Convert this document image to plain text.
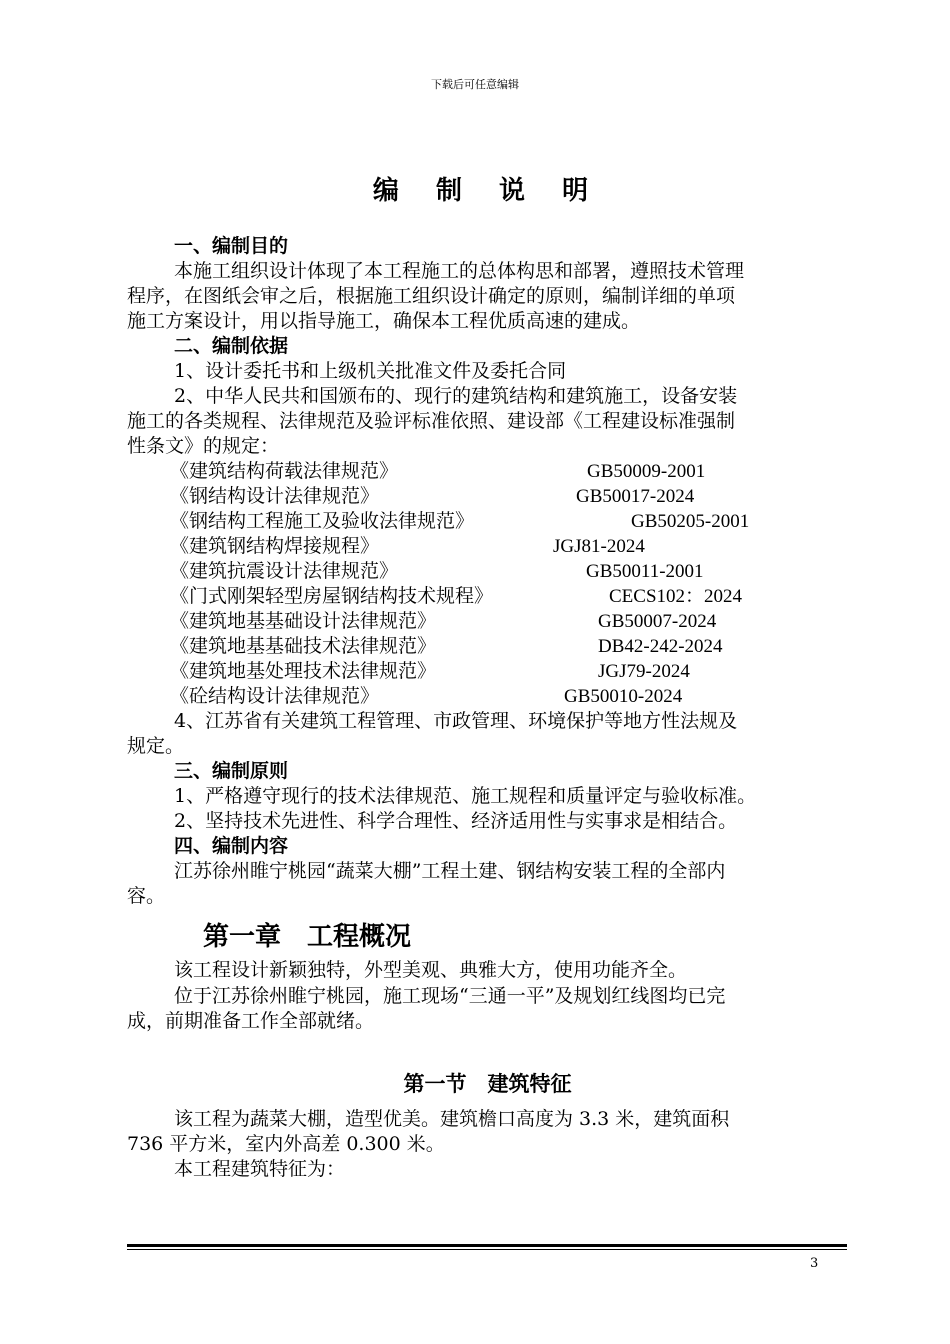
下载后可任意编辑
编 制 说 明
一、编制目的
本施工组织设计体现了本工程施工的总体构思和部署，遵照技术管理
程序，在图纸会审之后，根据施工组织设计确定的原则，编制详细的单项
施工方案设计，用以指导施工，确保本工程优质高速的建成。
二、编制依据
1、设计委托书和上级机关批准文件及委托合同
2、中华人民共和国颁布的、现行的建筑结构和建筑施工，设备安装
施工的各类规程、法律规范及验评标准依照、建设部《工程建设标准强制
性条文》的规定：
《建筑结构荷载法律规范》	GB50009-2001
《钢结构设计法律规范》	GB50017-2024
《钢结构工程施工及验收法律规范》	GB50205-2001
《建筑钢结构焊接规程》	JGJ81-2024
《建筑抗震设计法律规范》	GB50011-2001
《门式刚架轻型房屋钢结构技术规程》	CECS102：2024
《建筑地基基础设计法律规范》	GB50007-2024
《建筑地基基础技术法律规范》	DB42-242-2024
《建筑地基处理技术法律规范》	JGJ79-2024
《砼结构设计法律规范》	GB50010-2024
4、江苏省有关建筑工程管理、市政管理、环境保护等地方性法规及
规定。
三、编制原则
1、严格遵守现行的技术法律规范、施工规程和质量评定与验收标准。
2、坚持技术先进性、科学合理性、经济适用性与实事求是相结合。
四、编制内容
江苏徐州睢宁桃园“蔬菜大棚”工程土建、钢结构安装工程的全部内
容。
第一章　工程概况
该工程设计新颖独特，外型美观、典雅大方，使用功能齐全。
位于江苏徐州睢宁桃园，施工现场“三通一平”及规划红线图均已完
成，前期准备工作全部就绪。
第一节　建筑特征
该工程为蔬菜大棚，造型优美。建筑檐口高度为 3.3 米，建筑面积
736 平方米，室内外高差 0.300 米。
本工程建筑特征为：
3
